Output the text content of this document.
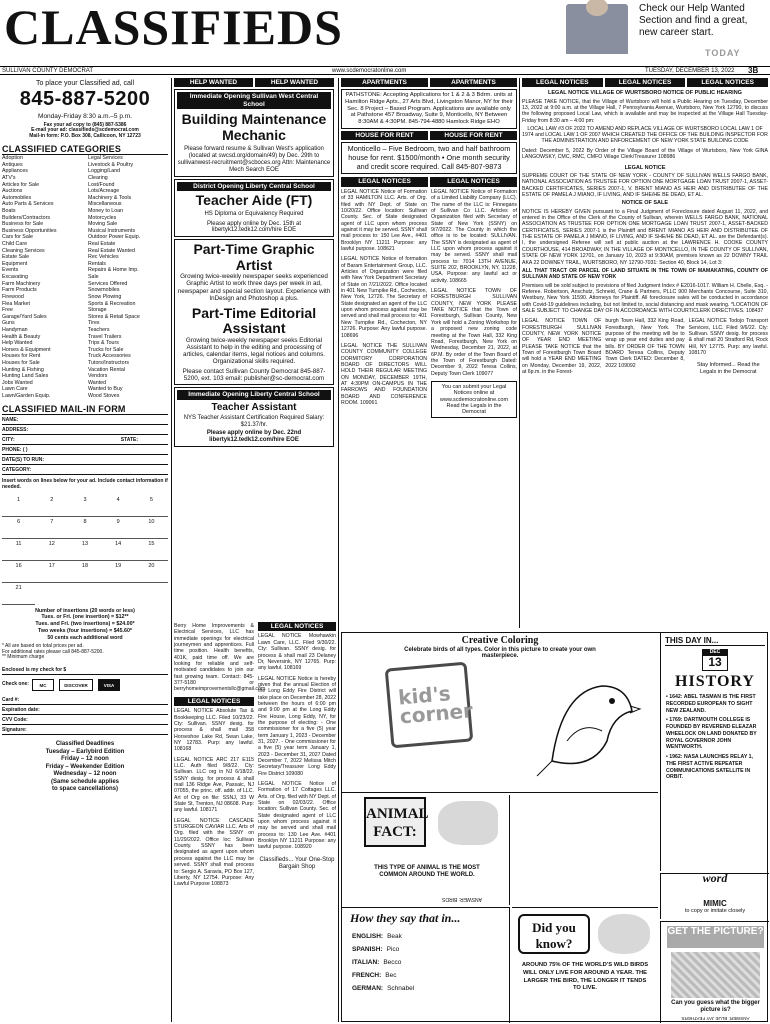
CLASSIFIEDS	Check our Help Wanted Section and find a great, new career start.
TODAY
SULLIVAN COUNTY DEMOCRAT	www.scdemocratonline.com	TUESDAY, DECEMBER 13, 2022 3B
To place your Classified ad, call
845-887-5200
Monday-Friday 8:30 a.m.–5 p.m.
Fax your ad copy to (845) 887-5386
E-mail your ad: classifieds@scdemocrat.com
Mail-in form: P.O. Box 308, Callicoon, NY 12723
CLASSIFIED CATEGORIES
Adoption	Legal Services
Antiques	Livestock & Poultry
Appliances	Logging/Land
ATV's	Clearing
Articles for Sale	Lost/Found
Auctions	Lots/Acreage
Automobiles	Machinery & Tools
Auto Parts & Services	Miscellaneous
Boats	Money to Loan
Builders/Contractors	Motorcycles
Business for Sale	Moving Sale
Business Opportunities	Musical Instruments
Cars for Sale	Outdoor Power Equip.
Child Care	Real Estate
Cleaning Services	Real Estate Wanted
Estate Sale	Rec Vehicles
Equipment	Rentals
Events	Repairs & Home Imp.
Excavating	Sale
Farm Machinery	Services Offered
Farm Products	Snowmobiles
Firewood	Snow Plowing
Flea Market	Sports & Recreation
Free	Storage
Garage/Yard Sales	Stores & Retail Space
Guns	Tires
Handyman	Teachers
Health & Beauty	Travel Trailers
Help Wanted	Trips & Tours
Horses & Equipment	Trucks for Sale
Houses for Rent	Truck Accessories
Houses for Sale	Tutors/Instructors
Hunting & Fishing	Vacation Rental
Hunting Land Sales	Vendors
Jobs Wanted	Wanted
Lawn Care	Wanted to Buy
Lawn/Garden Equip.	Wood Stoves
CLASSIFIED MAIL-IN FORM
NAME:
ADDRESS:
CITY:	STATE:
PHONE: ( )
DATE(S) TO RUN:
CATEGORY:
Insert words on lines below for your ad. Include contact information if needed.
1	2	3	4	5
6	7	8	9	10
11	12	13	14	15
16	17	18	19	20
21
Number of insertions (20 words or less)
Tues. or Fri. (one insertion) = $12**
Tues. and Fri. (two insertions) = $24.00*
Two weeks (four insertions) = $45.60*
50 cents each additional word
* All are based on total prices per ad.
For additional rates please call 845-887-5200.
** Minimum charge
Enclosed is my check for $
Check one:	MC	DISCOVER	VISA
Card #:
Expiration date:
CVV Code:
Signature:
Classified Deadlines
Tuesday – Earlybird Edition
Friday – 12 noon
Friday – Weekender Edition
Wednesday – 12 noon
(Same schedule applies
to space cancellations)
HELP WANTED	HELP WANTED
Immediate Opening Sullivan West Central School
Building Maintenance Mechanic
Please forward resume & Sullivan West's application (located at swcsd.org/domain/49) by Dec. 29th to sullivanwest-recruitment@scboces.org Attn: Maintenance Mech Search EOE
District Opening Liberty Central School
Teacher Aide (FT)
HS Diploma or Equivalency Required
Please apply online by Dec. 15th at libertyk12.tedk12.com/hire EOE
Part-Time Graphic Artist
Growing twice-weekly newspaper seeks experienced Graphic Artist to work three days per week in ad, newspaper and special section layout. Experience with InDesign and Photoshop a plus.
Part-Time Editorial Assistant
Growing twice-weekly newspaper seeks Editorial Assistant to help in the editing and processing of articles, calendar items, legal notices and columns. Organizational skills required.
Please contact Sullivan County Democrat 845-887-5200, ext. 103 email: publisher@sc-democrat.com
Immediate Opening Liberty Central School
Teacher Assistant
NYS Teacher Assistant Certification Required Salary: $21.37/hr.
Please apply online by Dec. 22nd libertyk12.tedk12.com/hire EOE
Berry Home Improvements & Electrical Services, LLC has immediate openings for electrical journeymen and apprentices. Full time position. Health benefits, 401K, paid time off. We are looking for reliable and self-motivated candidates to join our fast growing team. Contact: 845-377-5180 or berryhomeimprovementsllc@gmail.com.
LEGAL NOTICES
LEGAL NOTICE Absolute Tax & Bookkeeping LLC. Filed 10/23/22. Cty: Sullivan. SSNY desig. for process & shall mail 358 Horseshoe Lake Rd, Swan Lake, NY 12783. Purp: any lawful. 108168
LEGAL NOTICE ARC 217 E115 LLC. Auth filed 9/8/22. Cty: Sullivan. LLC org in NJ 6/18/22. SSNY desig. for process & shall mail 136 Ridge Ave, Passaic, NJ 07055, the princ. off. addr. of LLC. Art of Org on file: SSNJ, 33 W State St, Trenton, NJ 08608. Purp: any lawful. 108171
LEGAL NOTICE CASCADE STURGEON CAVIAR LLC. Arts of Org. filed with the SSNY on 11/29/2022. Office loc: Sullivan County. SSNY has been designated as agent upon whom process against the LLC may be served. SSNY shall mail process to: Sergio A. Saravia, PO Box 127, Liberty, NY 12754. Purpose: Any Lawful Purpose 108873
LEGAL NOTICES
LEGAL NOTICE Mowhawkin Lawn Care, LLC. Filed 9/30/22. Cty: Sullivan. SSNY desig. for process & shall mail 23 Delaney Dr, Neversink, NY 12765. Purp: any lawful. 108169
LEGAL NOTICE Notice is hereby given that the annual Election of the Long Eddy Fire District will take place on December 28, 2022 between the hours of 6:00 pm and 9:00 pm at the Long Eddy Fire House, Long Eddy, NY, for the purpose of electing: - One commissioner for a five (5) year term January 1, 2023 - December 31, 2027. - One commissioner for a five (5) year term January 1, 2023 - December 31, 2027 Dated December 7, 2022 Melissa Mitch Secretary/Treasurer Long Eddy Fire District 109080
LEGAL NOTICE Notice of Formation of 17 Cottages LLC. Arts. of Org. filed with NY Dept. of State on 02/03/22. Office location: Sullivan County. Sec. of State designated agent of LLC upon whom process against it may be served and shall mail process to: 130 Lee Ave. #401 Brooklyn NY 11211 Purpose: any lawful purpose. 108920
Classifieds... Your One-Stop Bargain Shop
APARTMENTS	APARTMENTS
PATHSTONE: Accepting Applications for 1 & 2 & 3 Bdrm. units at Hamilton Ridge Apts., 27 Arts Blvd, Livingston Manor, NY for their Sec. 8 Project – Based Program. Applications are available only at Pathstone 457 Broadway, Suite 9, Monticello, NY Between 8:30AM & 4:30PM. 845-794-4880 Hamlock Ridge EHO
HOUSE FOR RENT	HOUSE FOR RENT
Monticello – Five Bedroom, two and half bathroom house for rent. $1500/month • One month security and credit score required. Call 845-807-9873
LEGAL NOTICES	LEGAL NOTICES
LEGAL NOTICE Notice of Formation of 33 HAMILTON LLC. Arts. of Org. filed with NY Dept. of State on 10/20/22. Office location: Sullivan County. Sec. of State designated agent of LLC upon whom process against it may be served. SSNY shall mail process to: 150 Lee Ave., #401 Brooklyn NY 11211 Purpose: any lawful purpose. 108621
LEGAL NOTICE Notice of formation of Baram Entertainment Group, LLC. Articles of Organization were filed with New York Department Secretary of State on 7/21/2022. Office located in 401 New Turnpike Rd., Cochecton, New York, 12726. The Secretary of State designated an agent of the LLC upon whom process against may be served and shall mail process to: 401 New Turnpike Rd., Cochecton, NY 12726. Purpose: Any lawful purpose. 108696
LEGAL NOTICE THE SULLIVAN COUNTY COMMUNITY COLLEGE DORMITORY CORPORATION BOARD OF DIRECTORS WILL HOLD THEIR REGULAR MEETING ON MONDAY, DECEMBER 19TH, AT 4:30PM ON-CAMPUS IN THE FARROWS AND FOUNDATION BOARD AND CONFERENCE ROOM. 109061
LEGAL NOTICE Notice of Formation of a Limited Liability Company (LLC). The name of the LLC is: Finnegans of Sullivan Co LLC. Articles of Organization filed with Secretary of State of New York (SSNY) on 9/7/2022. The County in which the office is to be located: SULLIVAN. The SSNY is designated as agent of LLC upon whom process against it may be served. SSNY shall mail process to: 7014 13TH AVENUE, SUITE 202, BROOKLYN, NY, 11228, USA. Purpose: any lawful act or activity. 108665
LEGAL NOTICE TOWN OF FORESTBURGH SULLIVAN COUNTY, NEW YORK PLEASE TAKE NOTICE that the Town of Forestburgh, Sullivan County, New York will hold a Zoning Workshop for a proposed new zoning code meeting at the Town Hall, 332 King Road, Forestburgh, New York on Wednesday, December 21, 2022, at 6P.M. By order of the Town Board of the Town of Forestburgh Dated: December 9, 2022 Teresa Collins, Deputy Town Clerk 109077
You can submit your Legal Notices online at www.scdemocratonline.com Read the Legals in the Democrat
LEGAL NOTICES	LEGAL NOTICES	LEGAL NOTICES
LEGAL NOTICE VILLAGE OF WURTSBORO NOTICE OF PUBLIC HEARING
PLEASE TAKE NOTICE, that the Village of Wurtsboro will hold a Public Hearing on Tuesday, December 13, 2022 at 9:00 a.m. at the Village Hall, 7 Pennsylvania Avenue, Wurtsboro, New York 12790, to discuss the following proposed Local Law, which is available and may be inspected at the Village Hall Tuesday-Friday from 8:30 am – 4:00 pm:
LOCAL LAW #3 OF 2022 TO AMEND AND REPLACE VILLAGE OF WURTSBORO LOCAL LAW 1 OF 1974 and LOCAL LAW 1 OF 2007 WHICH CREATED THE OFFICE OF THE BUILDING INSPECTOR FOR THE ADMINISTRATION AND ENFORCEMENT OF NEW YORK STATE BUILDING CODE
Dated: December 5, 2022 By Order of the Village Board of the Village of Wurtsboro, New York GINA LANGOWSKY, CMC, RMC, CMFO Village Clerk/Treasurer 108986
LEGAL NOTICE
SUPREME COURT OF THE STATE OF NEW YORK - COUNTY OF SULLIVAN WELLS FARGO BANK, NATIONAL ASSOCIATION AS TRUSTEE FOR OPTION ONE MORTGAGE LOAN TRUST 2007-1, ASSET-BACKED CERTIFICATES, SERIES 2007-1, V. BRENT MIANO AS HEIR AND DISTRIBUTEE OF THE ESTATE OF PAMELA J MIANO, IF LIVING, AND IF SHE/HE BE DEAD, ET AL.
NOTICE OF SALE
NOTICE IS HEREBY GIVEN pursuant to a Final Judgment of Foreclosure dated August 11, 2022, and entered in the Office of the Clerk of the County of Sullivan, wherein WELLS FARGO BANK, NATIONAL ASSOCIATION AS TRUSTEE FOR OPTION ONE MORTGAGE LOAN TRUST 2007-1, ASSET-BACKED CERTIFICATES, SERIES 2007-1 is the Plaintiff and BRENT MIANO AS HEIR AND DISTRIBUTEE OF THE ESTATE OF PAMELA J MIANO, IF LIVING, AND IF SHE/HE BE DEAD, ET AL. are the Defendant(s). I, the undersigned Referee will sell at public auction at the LAWRENCE H. COOKE COUNTY COURTHOUSE, 414 BROADWAY, IN THE VILLAGE OF MONTICELLO, IN THE COUNTY OF SULLIVAN, STATE OF NEW YORK 12701, on January 10, 2023 at 9:30AM, premises known as 22 DOWNY TRAIL AKA 22 DOWNEY TRAIL, WURTSBORO, NY 12790-7031: Section 40, Block 14, Lot 3:
ALL THAT TRACT OR PARCEL OF LAND SITUATE IN THE TOWN OF MAMAKATING, COUNTY OF SULLIVAN AND STATE OF NEW YORK
Premises will be sold subject to provisions of filed Judgment Index # E2016-1017. William H. Chelle, Esq. - Referee. Robertson, Anschutz, Schneid, Crane & Partners, PLLC 900 Merchants Concourse, Suite 310, Westbury, New York 11590. Attorneys for Plaintiff. All foreclosure sales will be conducted in accordance with Covid-19 guidelines including, but not limited to, social distancing and mask wearing. *LOCATION OF SALE SUBJECT TO CHANGE DAY OF IN ACCORDANCE WITH COURT/CLERK DIRECTIVES. 108437
LEGAL NOTICE TOWN OF FORESTBURGH SULLIVAN COUNTY, NEW YORK NOTICE OF YEAR END MEETING PLEASE TAKE NOTICE that the Town of Forestburgh Town Board will hold a YEAR END MEETING on Monday, December 19, 2022, at 6p.m. in the Forest-
burgh Town Hall, 332 King Road, Forestburgh, New York. The purpose of the meeting will be to wrap up year end duties and pay bills. BY ORDER OF THE TOWN BOARD Teresa Collins, Deputy Town Clerk DATED: December 8, 2022 109092
LEGAL NOTICE Todojo Transport Services, LLC. Filed 9/6/22. Cty: Sullivan. SSNY desig. for process & shall mail 20 Stratford Rd, Rock Hill, NY 12775. Purp: any lawful. 108170
Stay Informed... Read the Legals in the Democrat
Creative Coloring
Celebrate birds of all types. Color in this picture to create your own masterpiece.
kid's corner
THIS DAY IN...
DEC
13
HISTORY
• 1642: ABEL TASMAN IS THE FIRST RECORDED EUROPEAN TO SIGHT NEW ZEALAND.
• 1769: DARTMOUTH COLLEGE IS FOUNDED BY REVEREND ELEAZAR WHEELOCK ON LAND DONATED BY ROYAL GOVERNOR JOHN WENTWORTH.
• 1962: NASA LAUNCHES RELAY 1, THE FIRST ACTIVE REPEATER COMMUNICATIONS SATELLITE IN ORBIT.
ANIMAL FACT:
THIS TYPE OF ANIMAL IS THE MOST COMMON AROUND THE WORLD.
ANSWER: BIRDS
word
MIMIC
to copy or imitate closely
How they say that in...
ENGLISH: Beak
SPANISH: Pico
ITALIAN: Becco
FRENCH: Bec
GERMAN: Schnabel
Did you know?
AROUND 75% OF THE WORLD'S WILD BIRDS WILL ONLY LIVE FOR AROUND A YEAR. THE LARGER THE BIRD, THE LONGER IT TENDS TO LIVE.
GET THE PICTURE?
Can you guess what the bigger picture is?
ANSWER: BLUE JAY FEATHERS
